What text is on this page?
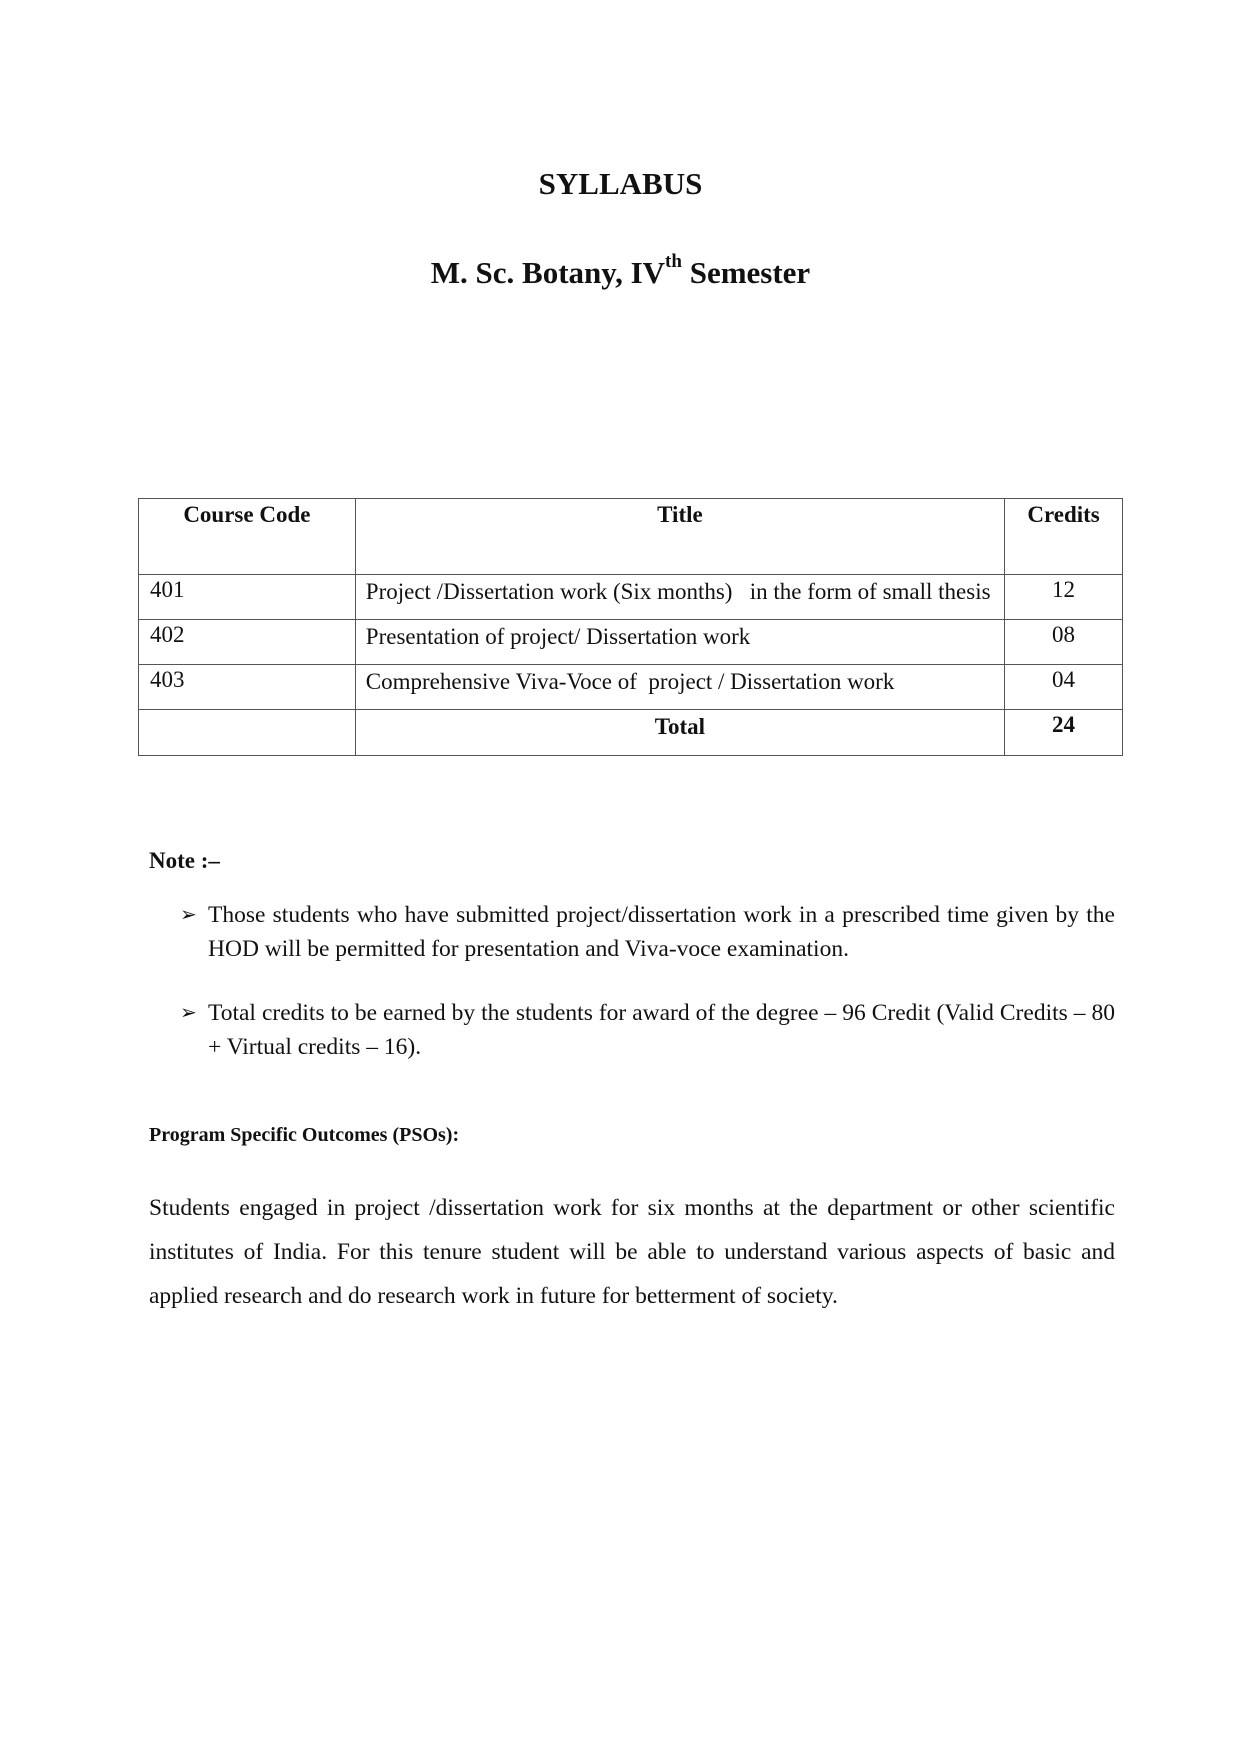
SYLLABUS
M. Sc. Botany, IVth Semester
Course Code	Title	Credits
401	Project /Dissertation work (Six months)   in the form of small thesis	12
402	Presentation of project/ Dissertation work	08
403	Comprehensive Viva-Voce of  project / Dissertation work	04

	Total	24

Note :–

➢ Those students who have submitted project/dissertation work in a prescribed time given by the HOD will be permitted for presentation and Viva-voce examination.
➢ Total credits to be earned by the students for award of the degree – 96 Credit (Valid Credits – 80 + Virtual credits – 16).

Program Specific Outcomes (PSOs):

Students engaged in project /dissertation work for six months at the department or other scientific institutes of India. For this tenure student will be able to understand various aspects of basic and applied research and do research work in future for betterment of society.
